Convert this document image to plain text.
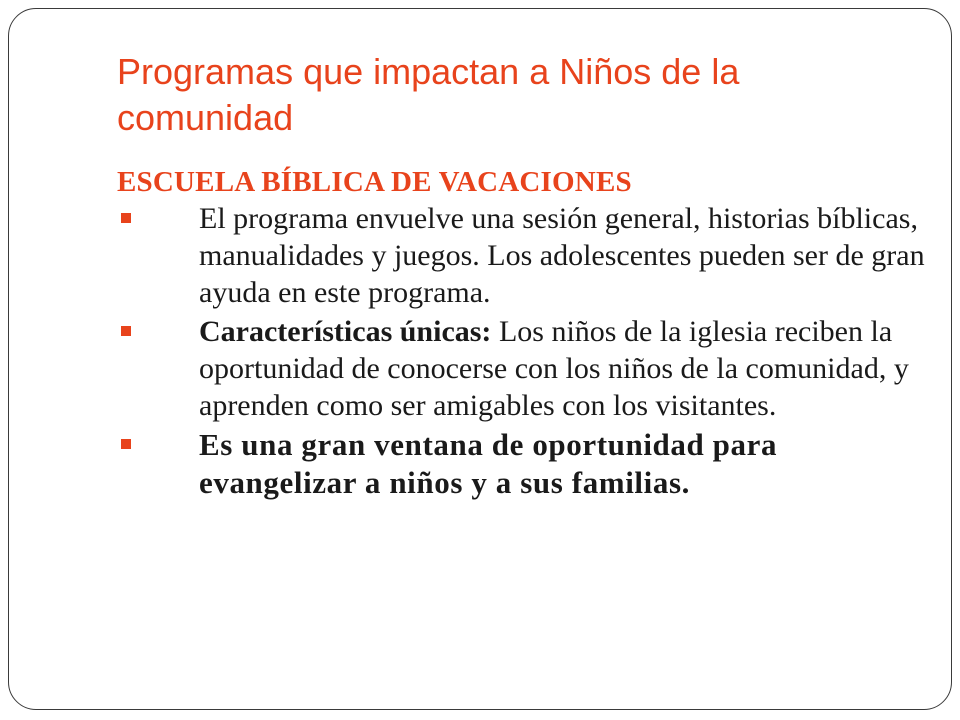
Programas que impactan a Niños de la comunidad
ESCUELA BÍBLICA DE VACACIONES
El programa envuelve una sesión general, historias bíblicas, manualidades y juegos. Los adolescentes pueden ser de gran ayuda en este programa.
Características únicas: Los niños de la iglesia reciben la oportunidad de conocerse con los niños de la comunidad, y aprenden como ser amigables con los visitantes.
Es una gran ventana de oportunidad para evangelizar a niños y a sus familias.
